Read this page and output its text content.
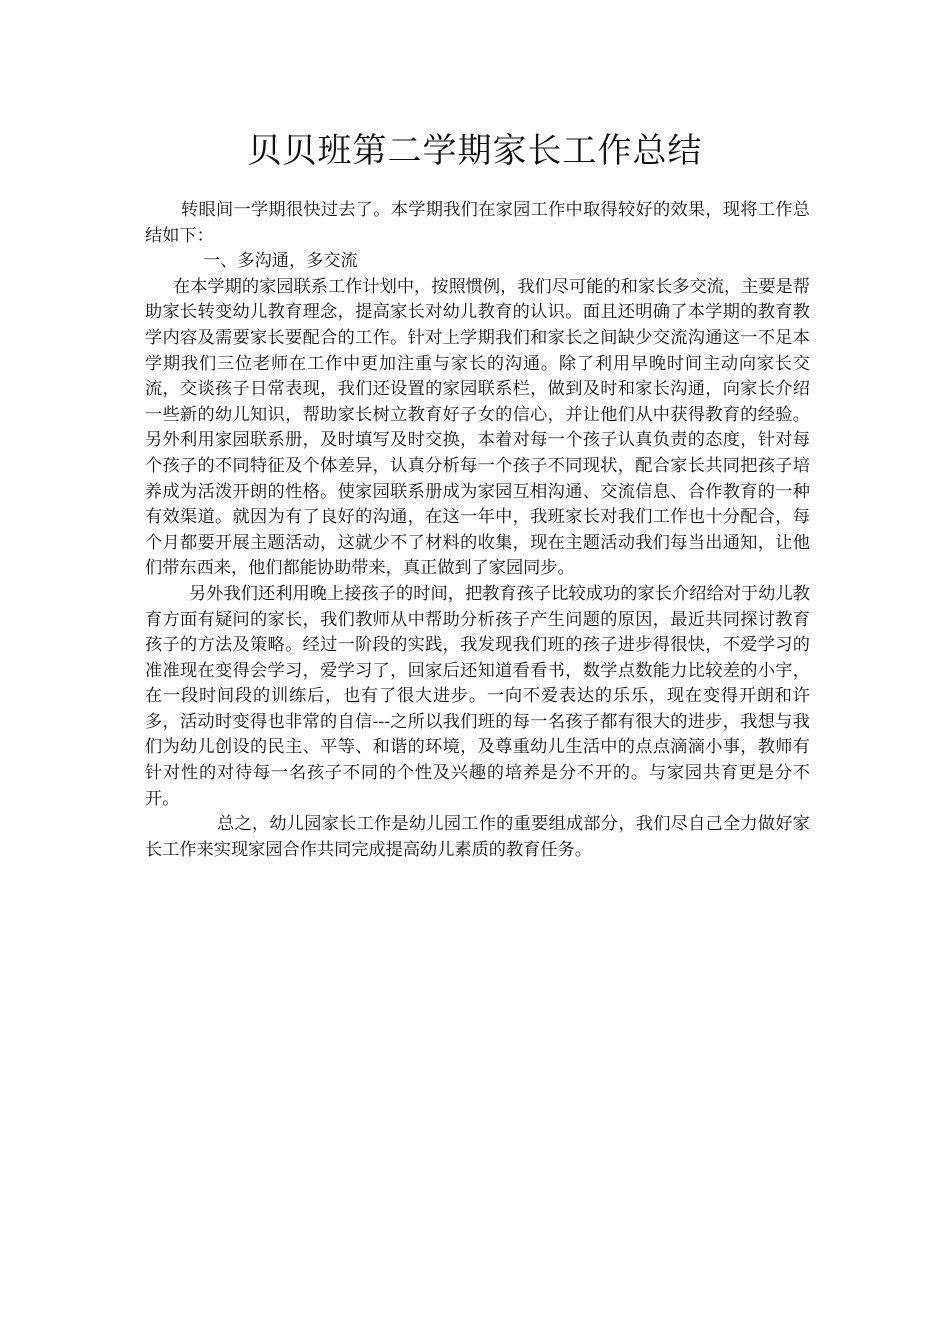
贝贝班第二学期家长工作总结

转眼间一学期很快过去了。本学期我们在家园工作中取得较好的效果，现将工作总结如下：

一、多沟通，多交流

在本学期的家园联系工作计划中，按照惯例，我们尽可能的和家长多交流，主要是帮助家长转变幼儿教育理念，提高家长对幼儿教育的认识。面且还明确了本学期的教育教学内容及需要家长要配合的工作。针对上学期我们和家长之间缺少交流沟通这一不足本学期我们三位老师在工作中更加注重与家长的沟通。除了利用早晚时间主动向家长交流，交谈孩子日常表现，我们还设置的家园联系栏，做到及时和家长沟通，向家长介绍一些新的幼儿知识，帮助家长树立教育好子女的信心，并让他们从中获得教育的经验。另外利用家园联系册，及时填写及时交换，本着对每一个孩子认真负责的态度，针对每个孩子的不同特征及个体差异，认真分析每一个孩子不同现状，配合家长共同把孩子培养成为活泼开朗的性格。使家园联系册成为家园互相沟通、交流信息、合作教育的一种有效渠道。就因为有了良好的沟通，在这一年中，我班家长对我们工作也十分配合，每个月都要开展主题活动，这就少不了材料的收集，现在主题活动我们每当出通知，让他们带东西来，他们都能协助带来，真正做到了家园同步。

另外我们还利用晚上接孩子的时间，把教育孩子比较成功的家长介绍给对于幼儿教育方面有疑问的家长，我们教师从中帮助分析孩子产生问题的原因，最近共同探讨教育孩子的方法及策略。经过一阶段的实践，我发现我们班的孩子进步得很快，不爱学习的准准现在变得会学习，爱学习了，回家后还知道看看书，数学点数能力比较差的小宇，在一段时间段的训练后，也有了很大进步。一向不爱表达的乐乐，现在变得开朗和许多，活动时变得也非常的自信---之所以我们班的每一名孩子都有很大的进步，我想与我们为幼儿创设的民主、平等、和谐的环境，及尊重幼儿生活中的点点滴滴小事，教师有针对性的对待每一名孩子不同的个性及兴趣的培养是分不开的。与家园共育更是分不开。

总之，幼儿园家长工作是幼儿园工作的重要组成部分，我们尽自己全力做好家长工作来实现家园合作共同完成提高幼儿素质的教育任务。
